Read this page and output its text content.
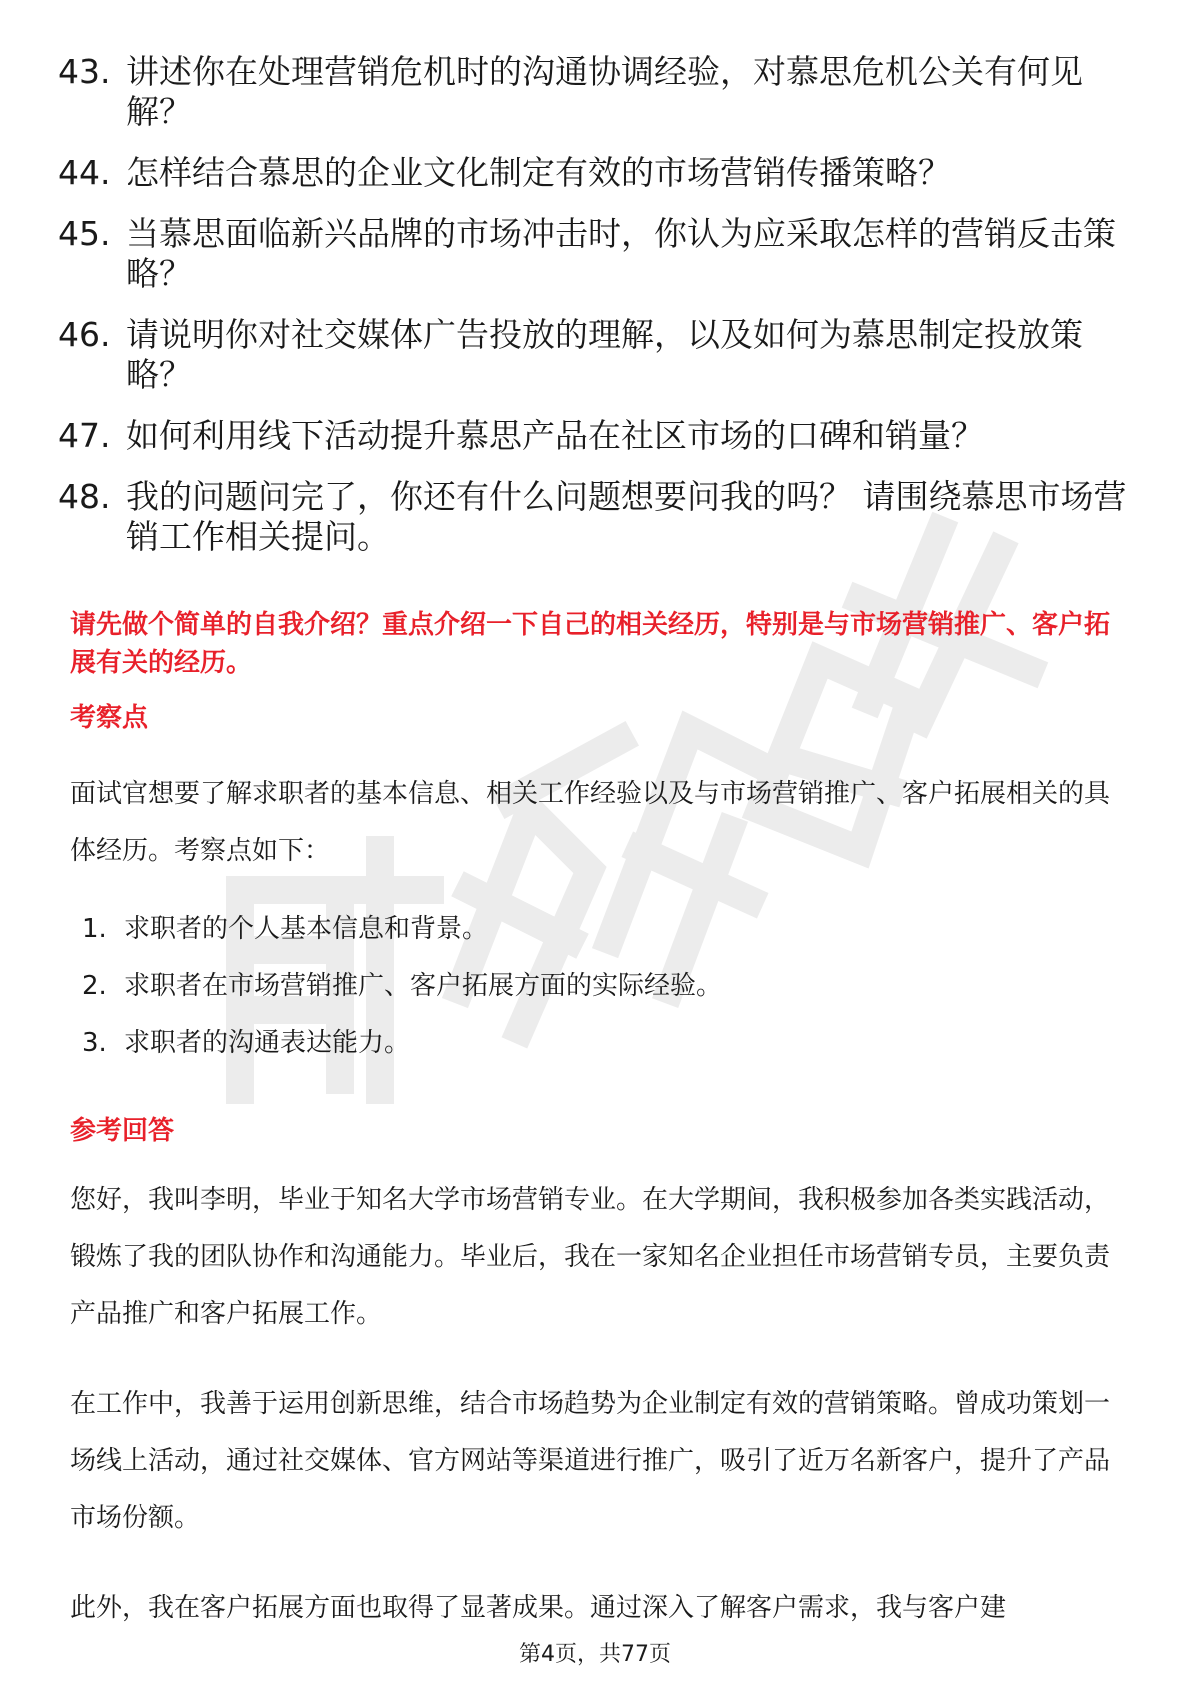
43. 讲述你在处理营销危机时的沟通协调经验，对慕思危机公关有何见解？
44. 怎样结合慕思的企业文化制定有效的市场营销传播策略？
45. 当慕思面临新兴品牌的市场冲击时，你认为应采取怎样的营销反击策略？
46. 请说明你对社交媒体广告投放的理解，以及如何为慕思制定投放策略？
47. 如何利用线下活动提升慕思产品在社区市场的口碑和销量？
48. 我的问题问完了，你还有什么问题想要问我的吗？ 请围绕慕思市场营销工作相关提问。
请先做个简单的自我介绍？重点介绍一下自己的相关经历，特别是与市场营销推广、客户拓展有关的经历。
考察点
面试官想要了解求职者的基本信息、相关工作经验以及与市场营销推广、客户拓展相关的具体经历。考察点如下：
1. 求职者的个人基本信息和背景。
2. 求职者在市场营销推广、客户拓展方面的实际经验。
3. 求职者的沟通表达能力。
参考回答
您好，我叫李明，毕业于知名大学市场营销专业。在大学期间，我积极参加各类实践活动，锻炼了我的团队协作和沟通能力。毕业后，我在一家知名企业担任市场营销专员，主要负责产品推广和客户拓展工作。
在工作中，我善于运用创新思维，结合市场趋势为企业制定有效的营销策略。曾成功策划一场线上活动，通过社交媒体、官方网站等渠道进行推广，吸引了近万名新客户，提升了产品市场份额。
此外，我在客户拓展方面也取得了显著成果。通过深入了解客户需求，我与客户建
第4页，共77页
